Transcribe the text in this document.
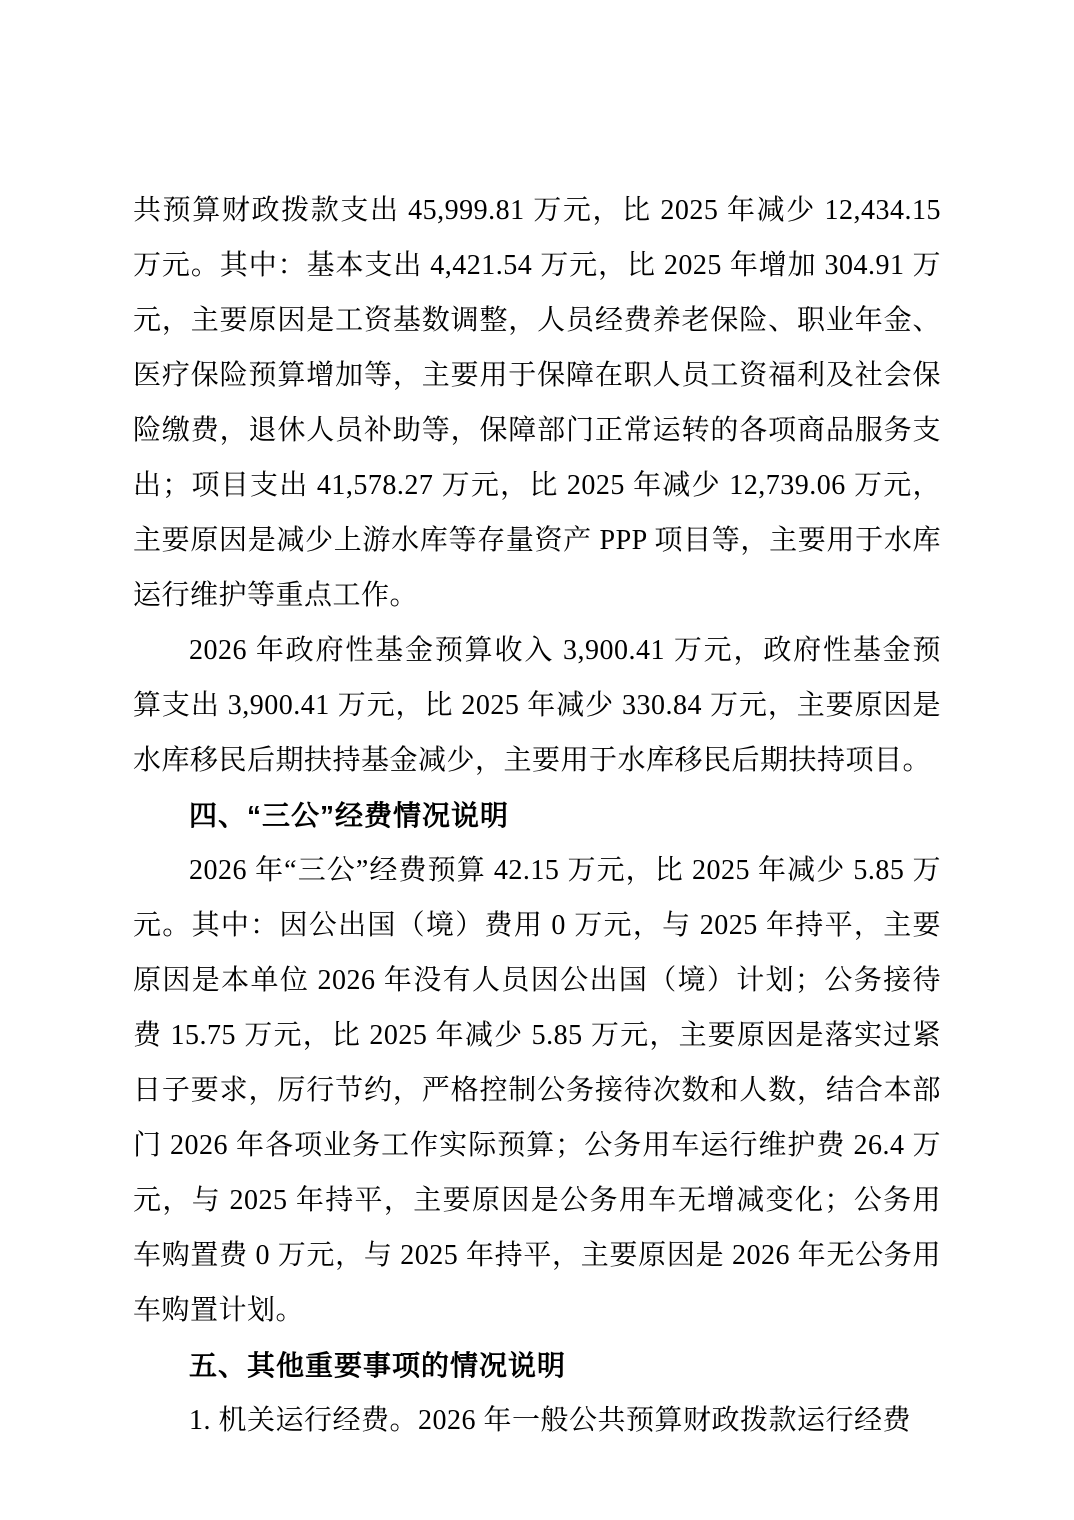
共预算财政拨款支出 45,999.81 万元，比 2025 年减少 12,434.15 万元。其中：基本支出 4,421.54 万元，比 2025 年增加 304.91 万元，主要原因是工资基数调整，人员经费养老保险、职业年金、医疗保险预算增加等，主要用于保障在职人员工资福利及社会保险缴费，退休人员补助等，保障部门正常运转的各项商品服务支出；项目支出 41,578.27 万元，比 2025 年减少 12,739.06 万元，主要原因是减少上游水库等存量资产 PPP 项目等，主要用于水库运行维护等重点工作。

2026 年政府性基金预算收入 3,900.41 万元，政府性基金预算支出 3,900.41 万元，比 2025 年减少 330.84 万元，主要原因是水库移民后期扶持基金减少，主要用于水库移民后期扶持项目。

四、“三公”经费情况说明

2026 年“三公”经费预算 42.15 万元，比 2025 年减少 5.85 万元。其中：因公出国（境）费用 0 万元，与 2025 年持平，主要原因是本单位 2026 年没有人员因公出国（境）计划；公务接待费 15.75 万元，比 2025 年减少 5.85 万元，主要原因是落实过紧日子要求，厉行节约，严格控制公务接待次数和人数，结合本部门 2026 年各项业务工作实际预算；公务用车运行维护费 26.4 万元，与 2025 年持平，主要原因是公务用车无增减变化；公务用车购置费 0 万元，与 2025 年持平，主要原因是 2026 年无公务用车购置计划。

五、其他重要事项的情况说明

1. 机关运行经费。2026 年一般公共预算财政拨款运行经费
